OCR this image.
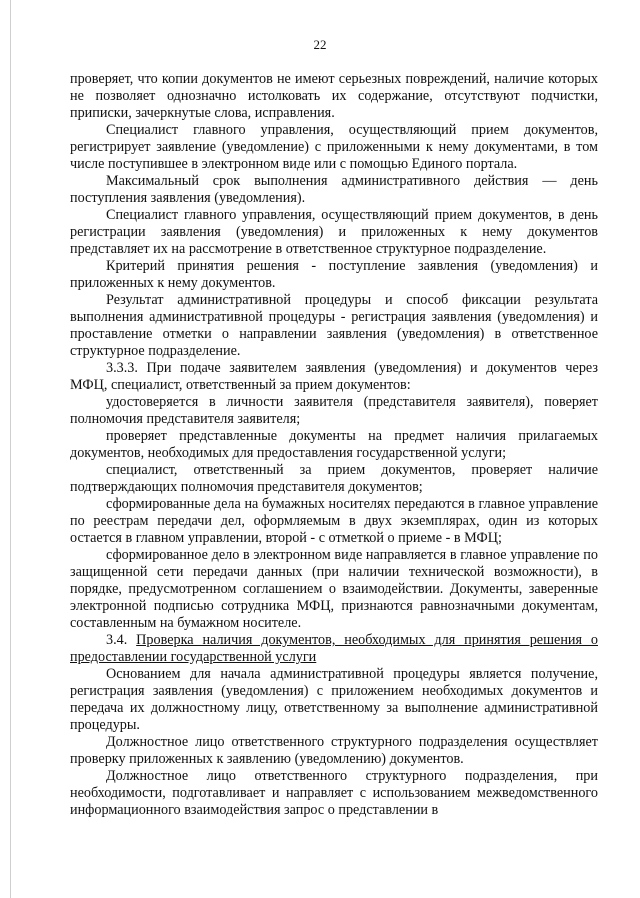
22

проверяет, что копии документов не имеют серьезных повреждений, наличие которых не позволяет однозначно истолковать их содержание, отсутствуют подчистки, приписки, зачеркнутые слова, исправления.

Специалист главного управления, осуществляющий прием документов, регистрирует заявление (уведомление) с приложенными к нему документами, в том числе поступившее в электронном виде или с помощью Единого портала.

Максимальный срок выполнения административного действия — день поступления заявления (уведомления).

Специалист главного управления, осуществляющий прием документов, в день регистрации заявления (уведомления) и приложенных к нему документов представляет их на рассмотрение в ответственное структурное подразделение.

Критерий принятия решения - поступление заявления (уведомления) и приложенных к нему документов.

Результат административной процедуры и способ фиксации результата выполнения административной процедуры - регистрация заявления (уведомления) и проставление отметки о направлении заявления (уведомления) в ответственное структурное подразделение.

3.3.3. При подаче заявителем заявления (уведомления) и документов через МФЦ, специалист, ответственный за прием документов:

удостоверяется в личности заявителя (представителя заявителя), поверяет полномочия представителя заявителя;

проверяет представленные документы на предмет наличия прилагаемых документов, необходимых для предоставления государственной услуги;

специалист, ответственный за прием документов, проверяет наличие подтверждающих полномочия представителя документов;

сформированные дела на бумажных носителях передаются в главное управление по реестрам передачи дел, оформляемым в двух экземплярах, один из которых остается в главном управлении, второй - с отметкой о приеме - в МФЦ;

сформированное дело в электронном виде направляется в главное управление по защищенной сети передачи данных (при наличии технической возможности), в порядке, предусмотренном соглашением о взаимодействии. Документы, заверенные электронной подписью сотрудника МФЦ, признаются равнозначными документам, составленным на бумажном носителе.

3.4. Проверка наличия документов, необходимых для принятия решения о предоставлении государственной услуги

Основанием для начала административной процедуры является получение, регистрация заявления (уведомления) с приложением необходимых документов и передача их должностному лицу, ответственному за выполнение административной процедуры.

Должностное лицо ответственного структурного подразделения осуществляет проверку приложенных к заявлению (уведомлению) документов.

Должностное лицо ответственного структурного подразделения, при необходимости, подготавливает и направляет с использованием межведомственного информационного взаимодействия запрос о представлении в
